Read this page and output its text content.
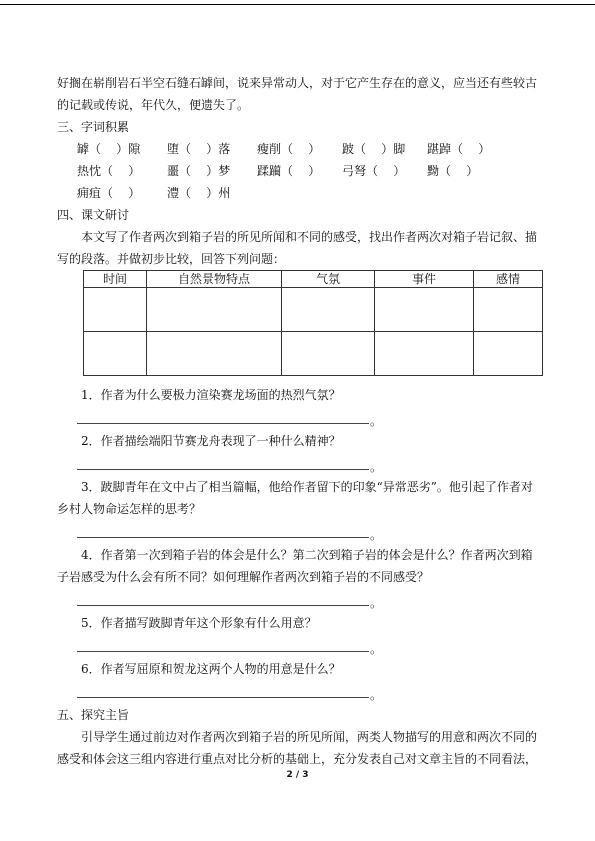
好搁在崭削岩石半空石缝石罅间，说来异常动人，对于它产生存在的意义，应当还有些较古
的记载或传说，年代久，便遗失了。
三、字词积累
罅（    ）隙	堕（    ）落	瘦削（    ）	跛（    ）脚	踸踔（    ）
热忱（    ）	噩（    ）梦	蹂躏（    ）	弓弩（    ）	黝（    ）
痈疽（    ）	澧（    ）州
四、课文研讨
本文写了作者两次到箱子岩的所见所闻和不同的感受，找出作者两次对箱子岩记叙、描写的段落。并做初步比较，回答下列问题：
时间	自然景物特点	气氛	事件	感情

1．作者为什么要极力渲染赛龙场面的热烈气氛？
。
2．作者描绘端阳节赛龙舟表现了一种什么精神？
。
3．跛脚青年在文中占了相当篇幅，他给作者留下的印象“异常恶劣”。他引起了作者对乡村人物命运怎样的思考？
。
4．作者第一次到箱子岩的体会是什么？第二次到箱子岩的体会是什么？作者两次到箱子岩感受为什么会有所不同？如何理解作者两次到箱子岩的不同感受？
。
5．作者描写跛脚青年这个形象有什么用意？
。
6．作者写屈原和贺龙这两个人物的用意是什么？
。
五、探究主旨
引导学生通过前边对作者两次到箱子岩的所见所闻，两类人物描写的用意和两次不同的感受和体会这三组内容进行重点对比分析的基础上，充分发表自己对文章主旨的不同看法，
2 / 3
